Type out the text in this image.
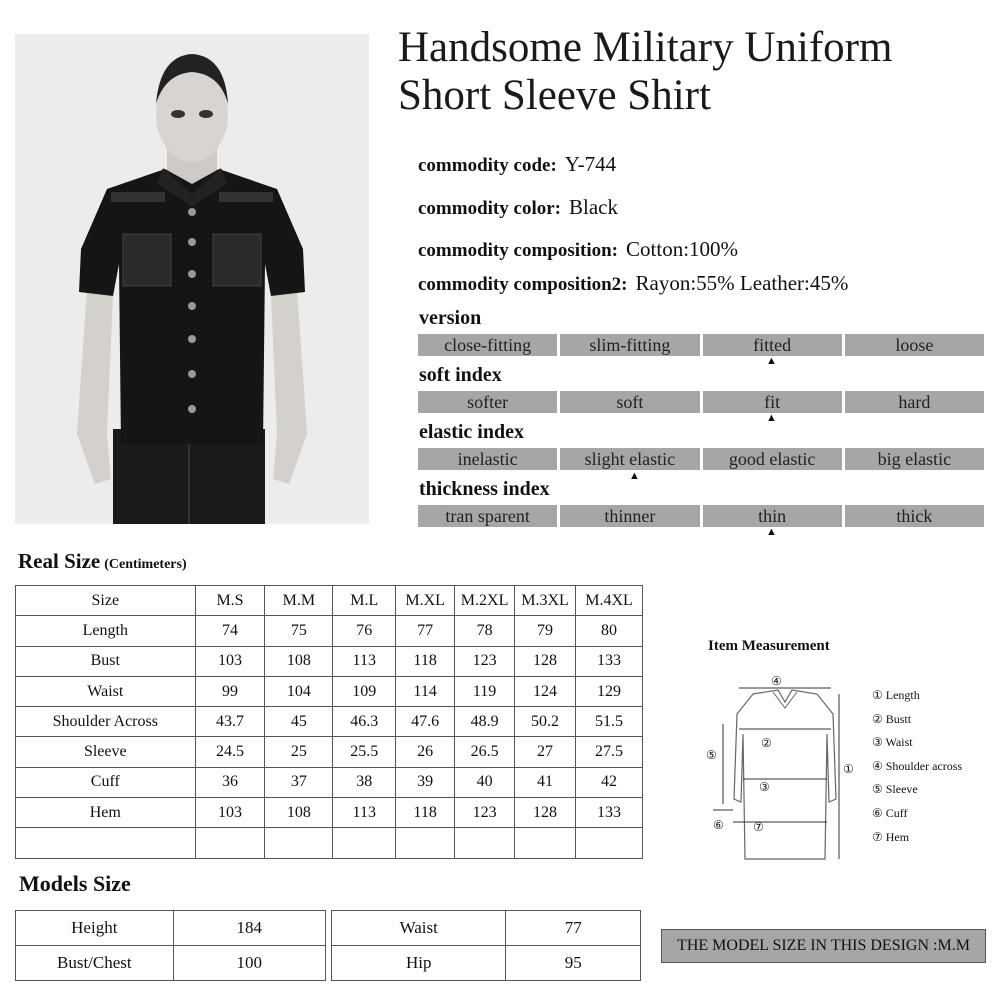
Handsome Military Uniform
Short Sleeve Shirt
commodity code: Y-744
commodity color: Black
commodity composition: Cotton:100%
commodity composition2: Rayon:55% Leather:45%
version
close-fitting	slim-fitting	fitted	loose
▲
soft index
softer	soft	fit	hard
▲
elastic index
inelastic	slight elastic	good elastic	big elastic
▲
thickness index
tran sparent	thinner	thin	thick
▲
Real Size (Centimeters)
Size	M.S	M.M	M.L	M.XL	M.2XL	M.3XL	M.4XL
Length	74	75	76	77	78	79	80
Bust	103	108	113	118	123	128	133
Waist	99	104	109	114	119	124	129
Shoulder Across	43.7	45	46.3	47.6	48.9	50.2	51.5
Sleeve	24.5	25	25.5	26	26.5	27	27.5
Cuff	36	37	38	39	40	41	42
Hem	103	108	113	118	123	128	133

Item Measurement
④
②
③
①
⑤
⑥ ⑦
① Length
② Bustt
③ Waist
④ Shoulder across
⑤ Sleeve
⑥ Cuff
⑦ Hem
Models Size
Height	184
Bust/Chest	100
Waist	77
Hip	95
THE MODEL SIZE IN THIS DESIGN :M.M
